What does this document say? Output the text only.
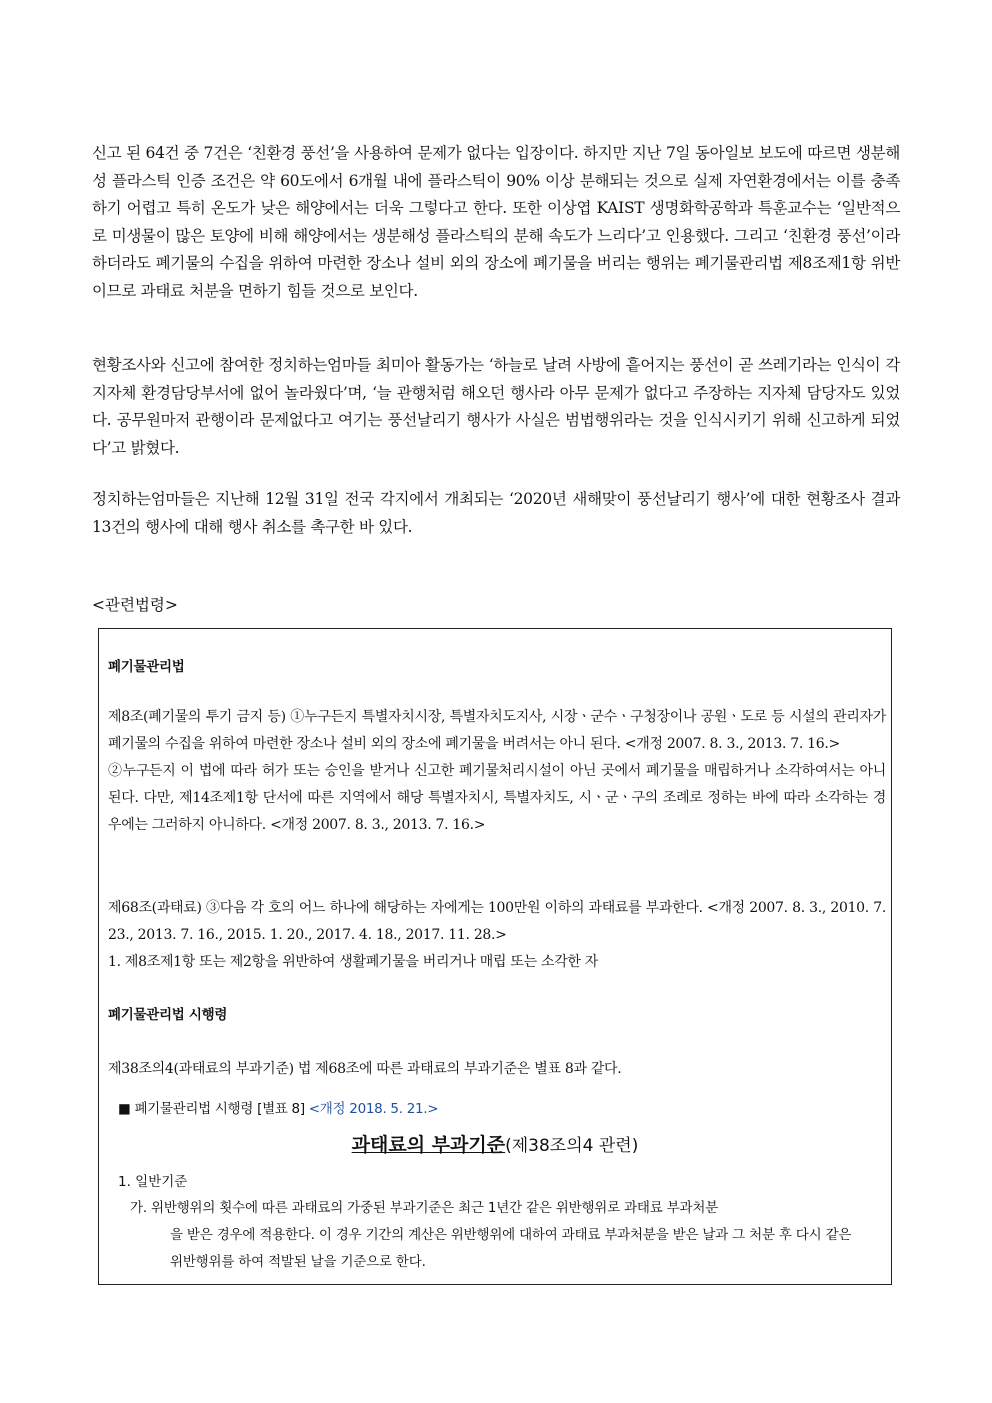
신고 된 64건 중 7건은 ‘친환경 풍선’을 사용하여 문제가 없다는 입장이다. 하지만 지난 7일 동아일보 보도에 따르면 생분해성 플라스틱 인증 조건은 약 60도에서 6개월 내에 플라스틱이 90% 이상 분해되는 것으로 실제 자연환경에서는 이를 충족하기 어렵고 특히 온도가 낮은 해양에서는 더욱 그렇다고 한다. 또한 이상엽 KAIST 생명화학공학과 특훈교수는 ‘일반적으로 미생물이 많은 토양에 비해 해양에서는 생분해성 플라스틱의 분해 속도가 느리다’고 인용했다. 그리고 ‘친환경 풍선’이라 하더라도 폐기물의 수집을 위하여 마련한 장소나 설비 외의 장소에 폐기물을 버리는 행위는 폐기물관리법 제8조제1항 위반이므로 과태료 처분을 면하기 힘들 것으로 보인다.
현황조사와 신고에 참여한 정치하는엄마들 최미아 활동가는 ‘하늘로 날려 사방에 흩어지는 풍선이 곧 쓰레기라는 인식이 각 지자체 환경담당부서에 없어 놀라웠다’며, ‘늘 관행처럼 해오던 행사라 아무 문제가 없다고 주장하는 지자체 담당자도 있었다. 공무원마저 관행이라 문제없다고 여기는 풍선날리기 행사가 사실은 범법행위라는 것을 인식시키기 위해 신고하게 되었다’고 밝혔다.
정치하는엄마들은 지난해 12월 31일 전국 각지에서 개최되는 ‘2020년 새해맞이 풍선날리기 행사’에 대한 현황조사 결과 13건의 행사에 대해 행사 취소를 촉구한 바 있다.
<관련법령>
폐기물관리법
제8조(폐기물의 투기 금지 등) ①누구든지 특별자치시장, 특별자치도지사, 시장ㆍ군수ㆍ구청장이나 공원ㆍ도로 등 시설의 관리자가 폐기물의 수집을 위하여 마련한 장소나 설비 외의 장소에 폐기물을 버려서는 아니 된다. <개정 2007. 8. 3., 2013. 7. 16.>
②누구든지 이 법에 따라 허가 또는 승인을 받거나 신고한 폐기물처리시설이 아닌 곳에서 폐기물을 매립하거나 소각하여서는 아니 된다. 다만, 제14조제1항 단서에 따른 지역에서 해당 특별자치시, 특별자치도, 시ㆍ군ㆍ구의 조례로 정하는 바에 따라 소각하는 경우에는 그러하지 아니하다. <개정 2007. 8. 3., 2013. 7. 16.>
제68조(과태료) ③다음 각 호의 어느 하나에 해당하는 자에게는 100만원 이하의 과태료를 부과한다. <개정 2007. 8. 3., 2010. 7. 23., 2013. 7. 16., 2015. 1. 20., 2017. 4. 18., 2017. 11. 28.>
1. 제8조제1항 또는 제2항을 위반하여 생활폐기물을 버리거나 매립 또는 소각한 자
폐기물관리법 시행령
제38조의4(과태료의 부과기준) 법 제68조에 따른 과태료의 부과기준은 별표 8과 같다.
■ 폐기물관리법 시행령 [별표 8] <개정 2018. 5. 21.>
과태료의 부과기준(제38조의4 관련)
1. 일반기준
가. 위반행위의 횟수에 따른 과태료의 가중된 부과기준은 최근 1년간 같은 위반행위로 과태료 부과처분
을 받은 경우에 적용한다. 이 경우 기간의 계산은 위반행위에 대하여 과태료 부과처분을 받은 날과 그 처분 후 다시 같은 위반행위를 하여 적발된 날을 기준으로 한다.
